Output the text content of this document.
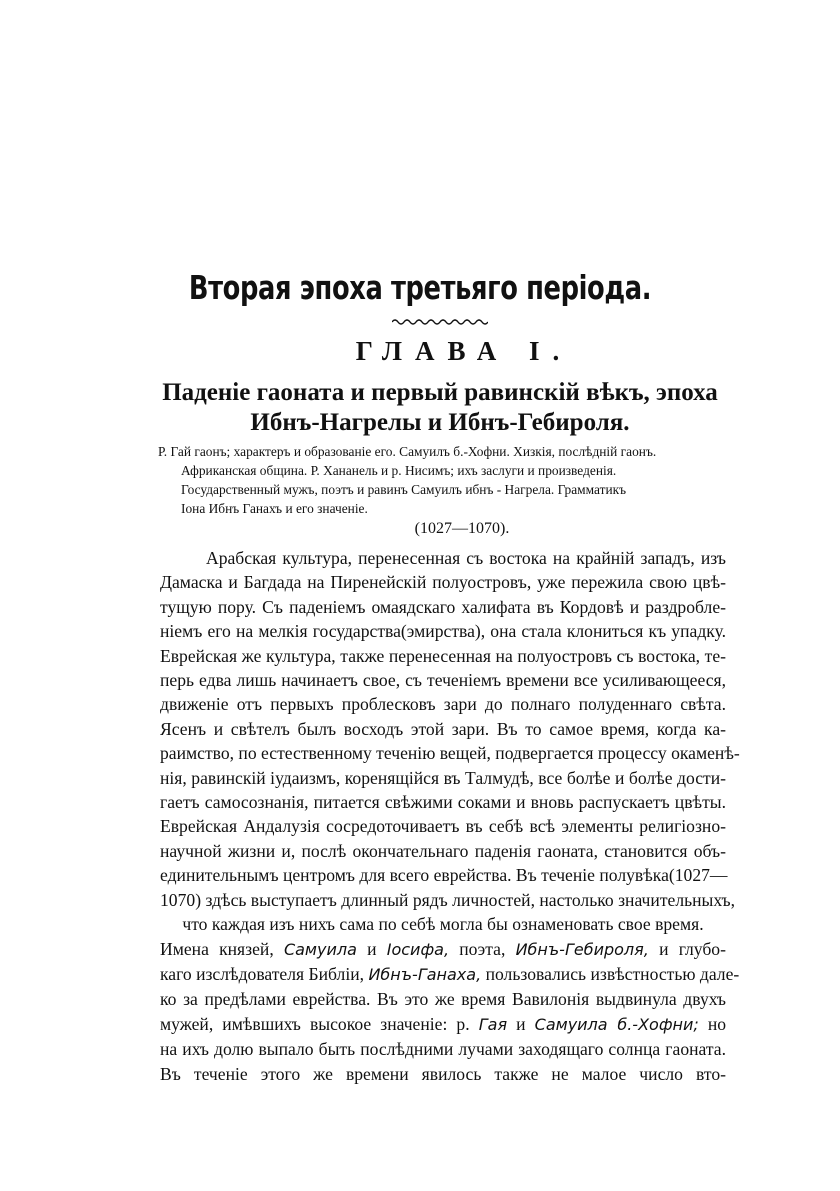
Вторая эпоха третьяго періода.
ГЛАВА I.
Паденіе гаоната и первый равинскій вѣкъ, эпоха
Ибнъ-Нагрелы и Ибнъ-Гебироля.

Р. Гай гаонъ; характеръ и образованіе его. Самуилъ б.-Хофни. Хизкія, послѣдній гаонъ.
Африканская община. Р. Хананель и р. Нисимъ; ихъ заслуги и произведенія.
Государственный мужъ, поэтъ и равинъ Самуилъ ибнъ - Нагрела. Грамматикъ
Іона Ибнъ Ганахъ и его значеніе.

(1027—1070).

Арабская культура, перенесенная съ востока на крайній западъ, изъ
Дамаска и Багдада на Пиренейскій полуостровъ, уже пережила свою цвѣ-
тущую пору. Съ паденіемъ омаядскаго халифата въ Кордовѣ и раздробле-
ніемъ его на мелкія государства(эмирства), она стала клониться къ упадку.
Еврейская же культура, также перенесенная на полуостровъ съ востока, те-
перь едва лишь начинаетъ свое, съ теченіемъ времени все усиливающееся,
движеніе отъ первыхъ проблесковъ зари до полнаго полуденнаго свѣта.
Ясенъ и свѣтелъ былъ восходъ этой зари. Въ то самое время, когда ка-
раимство, по естественному теченію вещей, подвергается процессу окаменѣ-
нія, равинскій іудаизмъ, коренящійся въ Талмудѣ, все болѣе и болѣе дости-
гаетъ самосознанія, питается свѣжими соками и вновь распускаетъ цвѣты.
Еврейская Андалузія сосредоточиваетъ въ себѣ всѣ элементы религіозно-
научной жизни и, послѣ окончательнаго паденія гаоната, становится объ-
единительнымъ центромъ для всего еврейства. Въ теченіе полувѣка(1027—
1070) здѣсь выступаетъ длинный рядъ личностей, настолько значительныхъ,
что каждая изъ нихъ сама по себѣ могла бы ознаменовать свое время.
Имена князей, Самуила и Іосифа, поэта, Ибнъ-Гебироля, и глубо-
каго изслѣдователя Библіи, Ибнъ-Ганаха, пользовались извѣстностью дале-
ко за предѣлами еврейства. Въ это же время Вавилонія выдвинула двухъ
мужей, имѣвшихъ высокое значеніе: р. Гая и Самуила б.-Хофни; но
на ихъ долю выпало быть послѣдними лучами заходящаго солнца гаоната.
Въ теченіе этого же времени явилось также не малое число вто-
